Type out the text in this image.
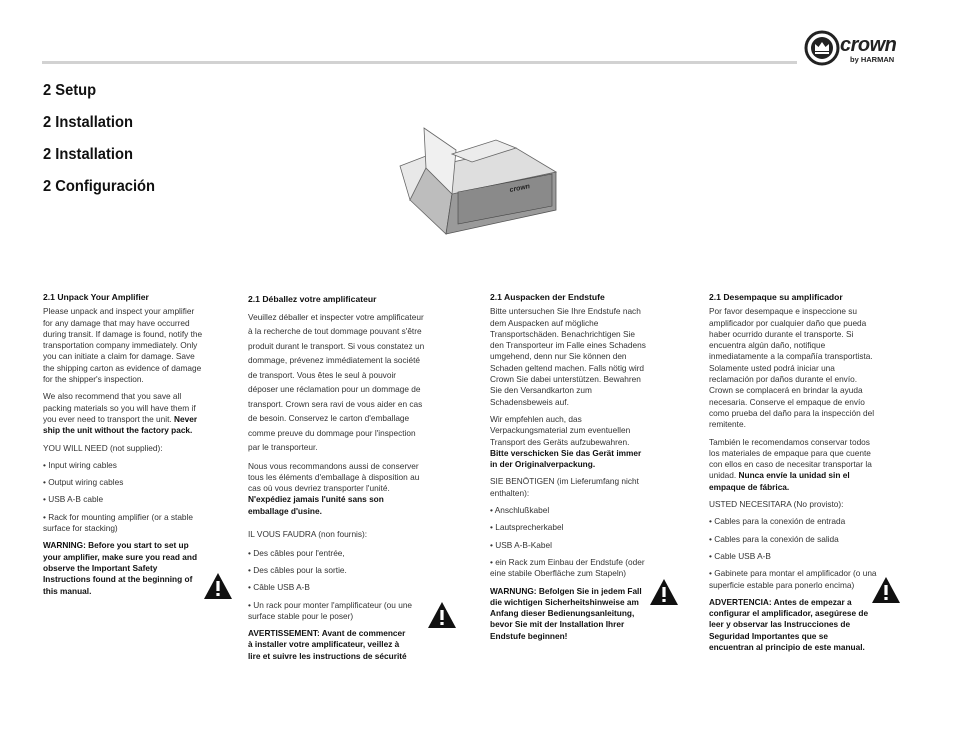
crown
by HARMAN
2 Setup
2 Installation
2 Installation
2 Configuración	crown
2.1 Unpack Your Amplifier

Please unpack and inspect your amplifier for any damage that may have occurred during transit. If damage is found, notify the transportation company immediately. Only you can initiate a claim for damage. Save the shipping carton as evidence of damage for the shipper's inspection.

We also recommend that you save all packing materials so you will have them if you ever need to transport the unit. Never ship the unit without the factory pack.

YOU WILL NEED (not supplied):

• Input wiring cables

• Output wiring cables

• USB A-B cable

• Rack for mounting amplifier (or a stable surface for stacking)

WARNING: Before you start to set up your amplifier, make sure you read and observe the Important Safety Instructions found at the beginning of this manual.

2.1 Déballez votre amplificateur

Veuillez déballer et inspecter votre amplificateur à la recherche de tout dommage pouvant s'être produit durant le transport. Si vous constatez un dommage, prévenez immédiatement la société de transport. Vous êtes le seul à pouvoir déposer une réclamation pour un dommage de transport. Crown sera ravi de vous aider en cas de besoin. Conservez le carton d'emballage comme preuve du dommage pour l'inspection par le transporteur.

Nous vous recommandons aussi de conserver tous les éléments d'emballage à disposition au cas où vous devriez transporter l'unité. N'expédiez jamais l'unité sans son emballage d'usine.

IL VOUS FAUDRA (non fournis):

• Des câbles pour l'entrée,

• Des câbles pour la sortie.

• Câble USB A-B

• Un rack pour monter l'amplificateur (ou une surface stable pour le poser)

AVERTISSEMENT: Avant de commencer à installer votre amplificateur, veillez à lire et suivre les instructions de sécurité

2.1 Auspacken der Endstufe

Bitte untersuchen Sie Ihre Endstufe nach dem Auspacken auf mögliche Transportschäden. Benachrichtigen Sie den Transporteur im Falle eines Schadens umgehend, denn nur Sie können den Schaden geltend machen. Falls nötig wird Crown Sie dabei unterstützen. Bewahren Sie den Versandkarton zum Schadensbeweis auf.

Wir empfehlen auch, das Verpackungsmaterial zum eventuellen Transport des Geräts aufzubewahren. Bitte verschicken Sie das Gerät immer in der Originalverpackung.

SIE BENÖTIGEN (im Lieferumfang nicht enthalten):

• Anschlußkabel

• Lautsprecherkabel

• USB A-B-Kabel

• ein Rack zum Einbau der Endstufe (oder eine stabile Oberfläche zum Stapeln)

WARNUNG: Befolgen Sie in jedem Fall die wichtigen Sicherheitshinweise am Anfang dieser Bedienungsanleitung, bevor Sie mit der Installation Ihrer Endstufe beginnen!

2.1 Desempaque su amplificador

Por favor desempaque e inspeccione su amplificador por cualquier daño que pueda haber ocurrido durante el transporte. Si encuentra algún daño, notifique inmediatamente a la compañía transportista. Solamente usted podrá iniciar una reclamación por daños durante el envío. Crown se complacerá en brindar la ayuda necesaria. Conserve el empaque de envío como prueba del daño para la inspección del remitente.

También le recomendamos conservar todos los materiales de empaque para que cuente con ellos en caso de necesitar transportar la unidad. Nunca envíe la unidad sin el empaque de fábrica.

USTED NECESITARA (No provisto):

• Cables para la conexión de entrada

• Cables para la conexión de salida

• Cable USB A-B

• Gabinete para montar el amplificador (o una superficie estable para ponerlo encima)

ADVERTENCIA: Antes de empezar a configurar el amplificador, asegúrese de leer y observar las Instrucciones de Seguridad Importantes que se encuentran al principio de este manual.
